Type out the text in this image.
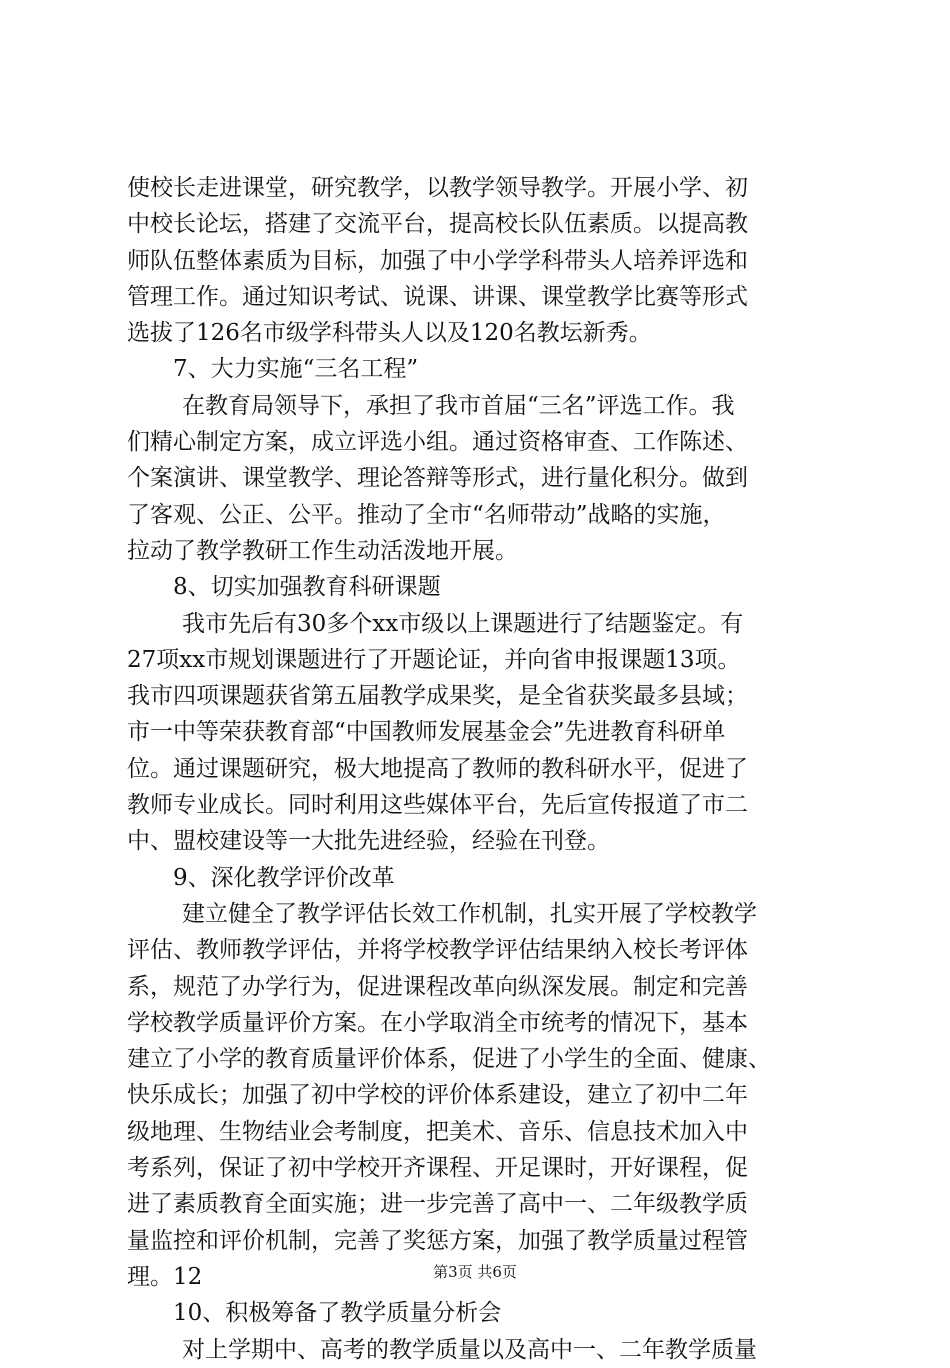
使校长走进课堂，研究教学，以教学领导教学。开展小学、初
中校长论坛，搭建了交流平台，提高校长队伍素质。以提高教
师队伍整体素质为目标，加强了中小学学科带头人培养评选和
管理工作。通过知识考试、说课、讲课、课堂教学比赛等形式
选拔了126名市级学科带头人以及120名教坛新秀。
7、大力实施“三名工程”
在教育局领导下，承担了我市首届“三名”评选工作。我
们精心制定方案，成立评选小组。通过资格审查、工作陈述、
个案演讲、课堂教学、理论答辩等形式，进行量化积分。做到
了客观、公正、公平。推动了全市“名师带动”战略的实施，
拉动了教学教研工作生动活泼地开展。
8、切实加强教育科研课题
我市先后有30多个xx市级以上课题进行了结题鉴定。有
27项xx市规划课题进行了开题论证，并向省申报课题13项。
我市四项课题获省第五届教学成果奖，是全省获奖最多县域；
市一中等荣获教育部“中国教师发展基金会”先进教育科研单
位。通过课题研究，极大地提高了教师的教科研水平，促进了
教师专业成长。同时利用这些媒体平台，先后宣传报道了市二
中、盟校建设等一大批先进经验，经验在刊登。
9、深化教学评价改革
建立健全了教学评估长效工作机制，扎实开展了学校教学
评估、教师教学评估，并将学校教学评估结果纳入校长考评体
系，规范了办学行为，促进课程改革向纵深发展。制定和完善
学校教学质量评价方案。在小学取消全市统考的情况下，基本
建立了小学的教育质量评价体系，促进了小学生的全面、健康、
快乐成长；加强了初中学校的评价体系建设，建立了初中二年
级地理、生物结业会考制度，把美术、音乐、信息技术加入中
考系列，保证了初中学校开齐课程、开足课时，开好课程，促
进了素质教育全面实施；进一步完善了高中一、二年级教学质
量监控和评价机制，完善了奖惩方案，加强了教学质量过程管
理。12
10、积极筹备了教学质量分析会
对上学期中、高考的教学质量以及高中一、二年教学质量
第3页 共6页
